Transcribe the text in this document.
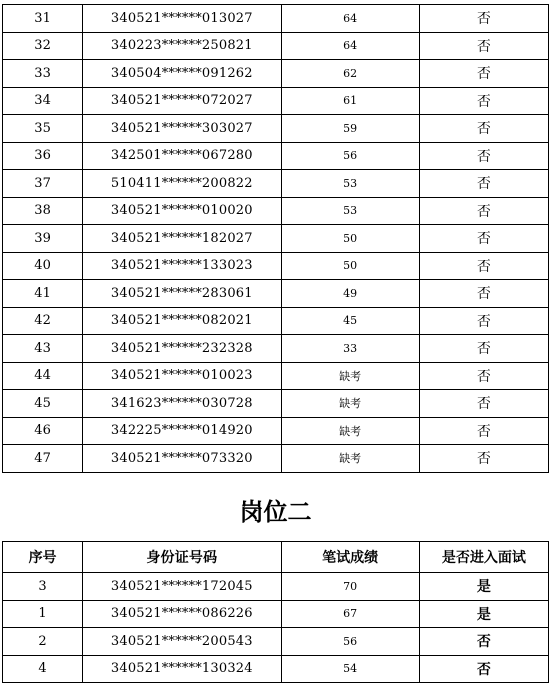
31	340521******013027	64	否
32	340223******250821	64	否
33	340504******091262	62	否
34	340521******072027	61	否
35	340521******303027	59	否
36	342501******067280	56	否
37	510411******200822	53	否
38	340521******010020	53	否
39	340521******182027	50	否
40	340521******133023	50	否
41	340521******283061	49	否
42	340521******082021	45	否
43	340521******232328	33	否
44	340521******010023	缺考	否
45	341623******030728	缺考	否
46	342225******014920	缺考	否
47	340521******073320	缺考	否
岗位二
序号	身份证号码	笔试成绩	是否进入面试
3	340521******172045	70	是
1	340521******086226	67	是
2	340521******200543	56	否
4	340521******130324	54	否
